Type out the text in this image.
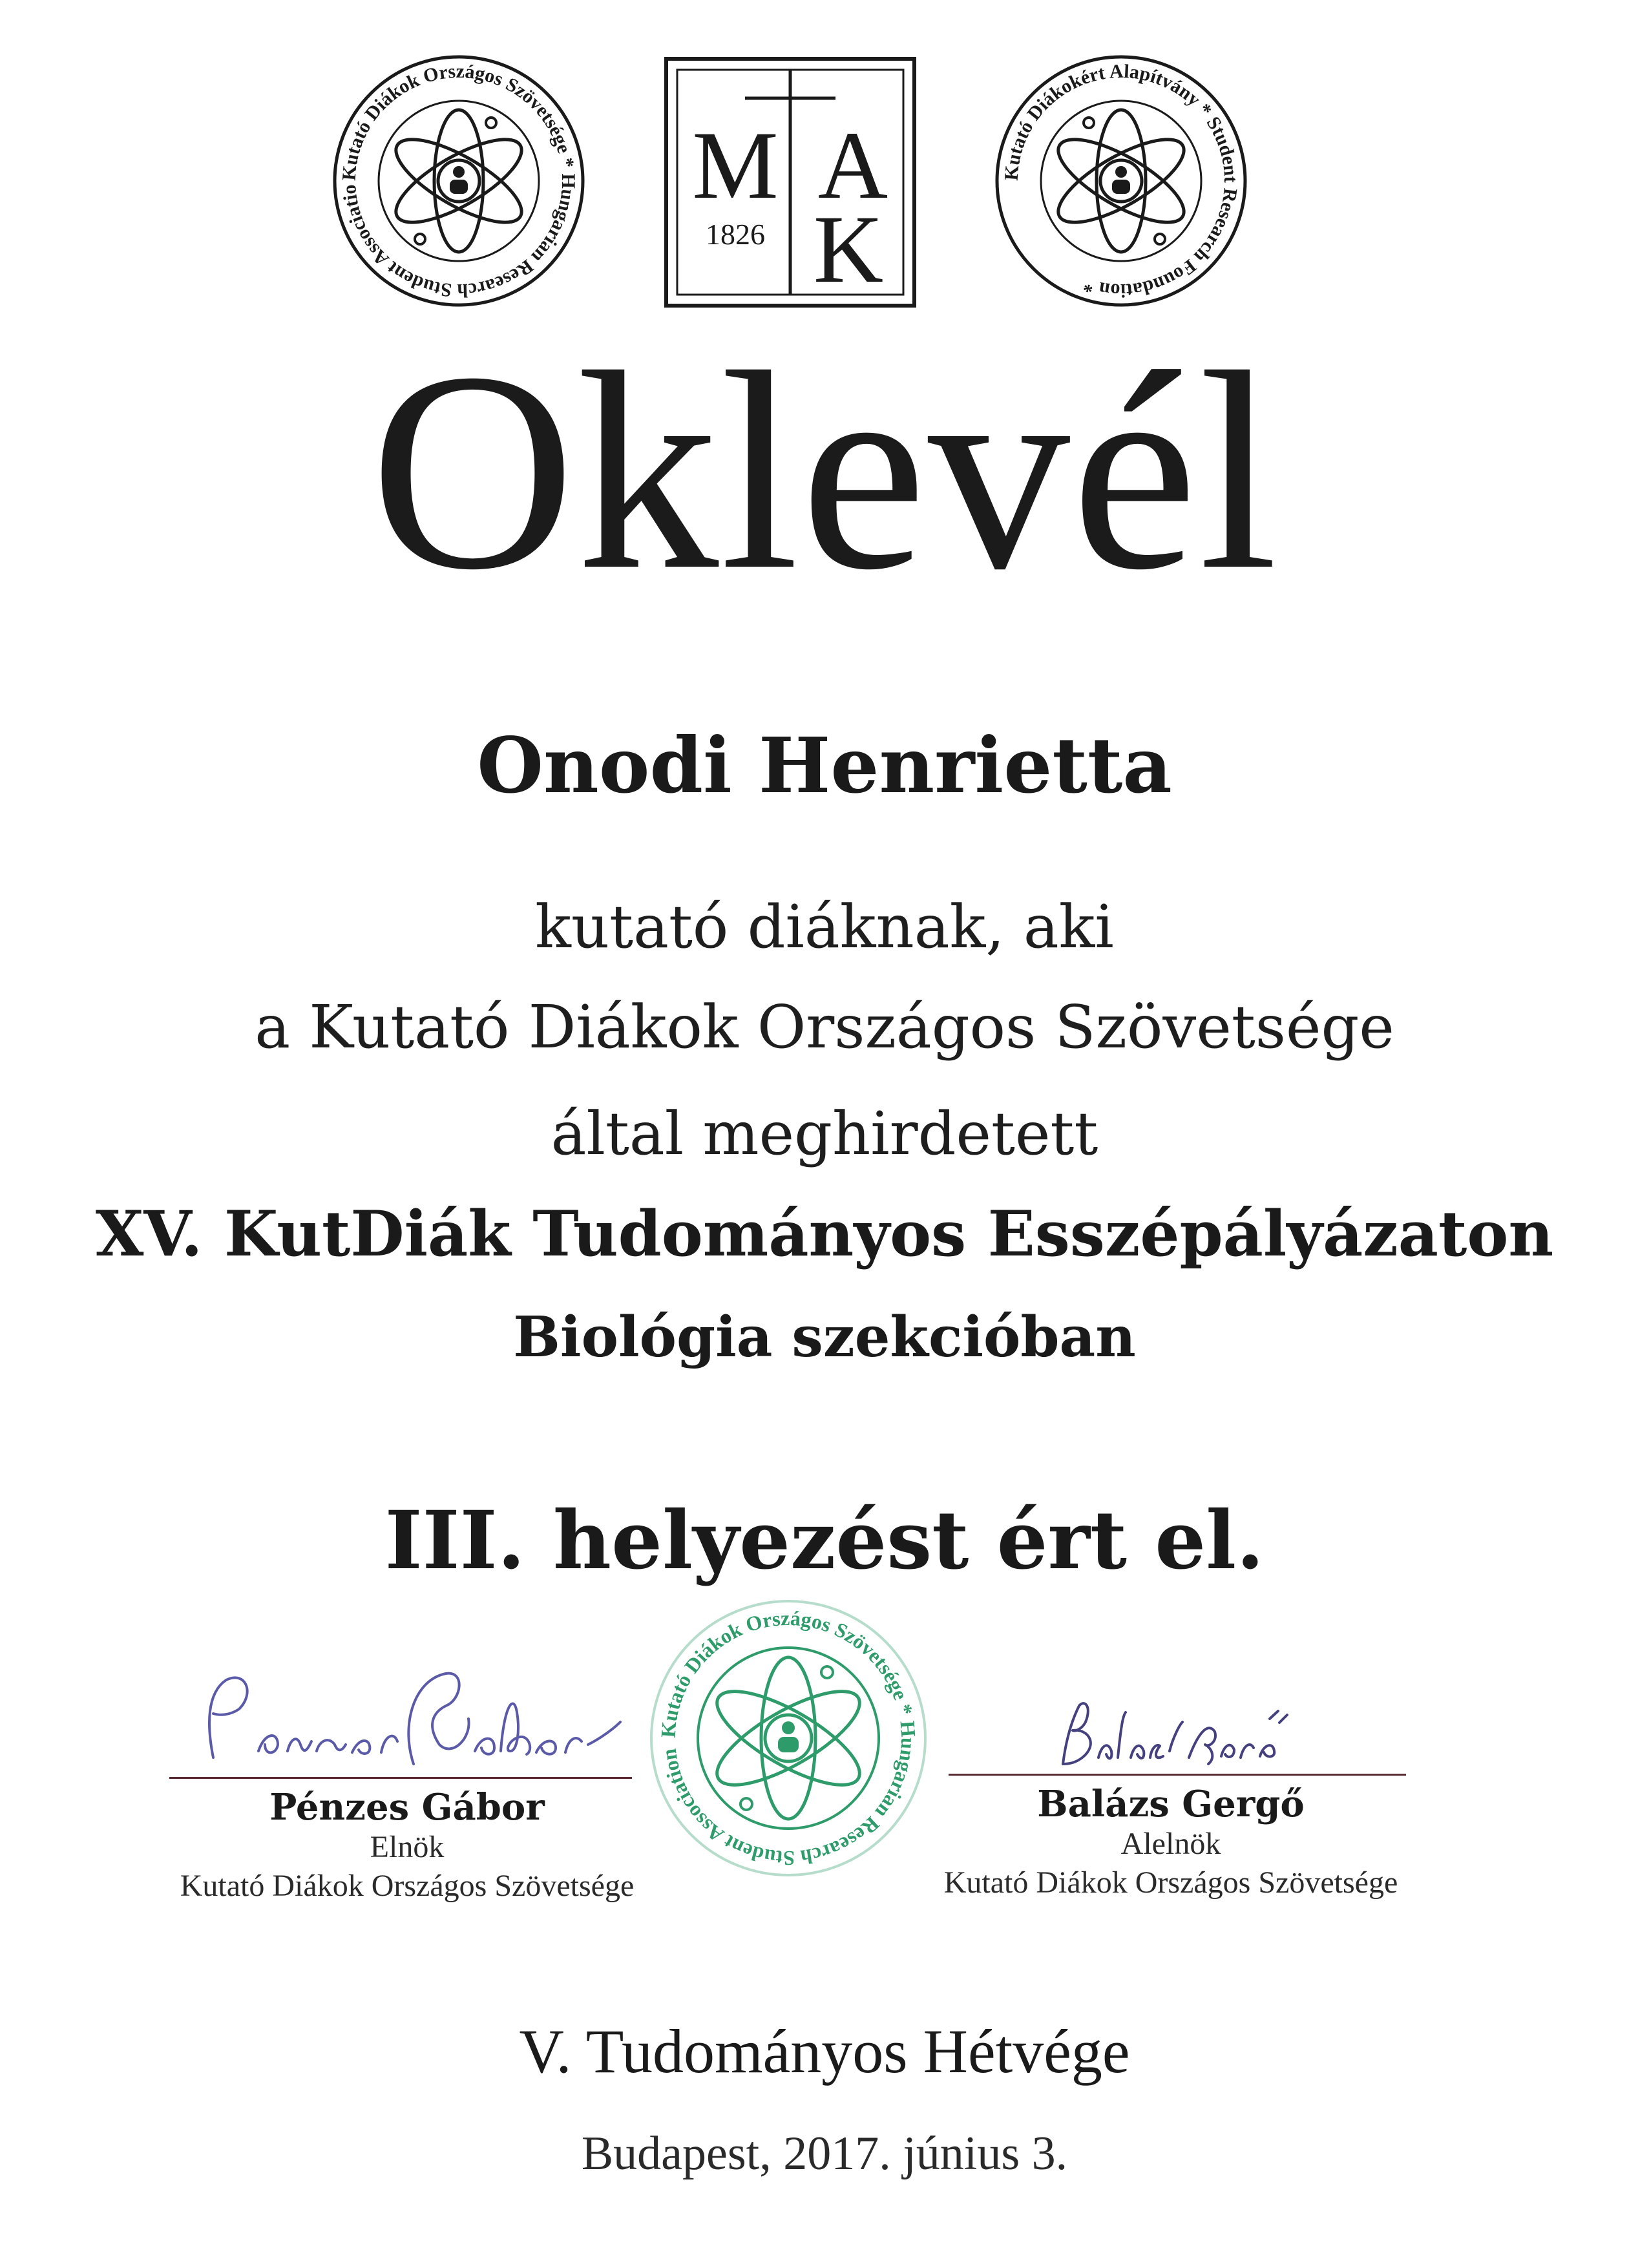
Kutató Diákok Országos Szövetsége * Hungarian Research Student Associatio	M A
K
1826
Kutató Diákokért Alapítvány * Student Research Foundation *
Oklevél
Onodi Henrietta
kutató diáknak, aki
a Kutató Diákok Országos Szövetsége
által meghirdetett
XV. KutDiák Tudományos Esszépályázaton
Biológia szekcióban
III. helyezést ért el.
Pénzes Gábor
Elnök
Kutató Diákok Országos Szövetsége
Kutató Diákok Országos Szövetsége * Hungarian Research Student Association
Balázs Gergő
Alelnök
Kutató Diákok Országos Szövetsége
V. Tudományos Hétvége
Budapest, 2017. június 3.
